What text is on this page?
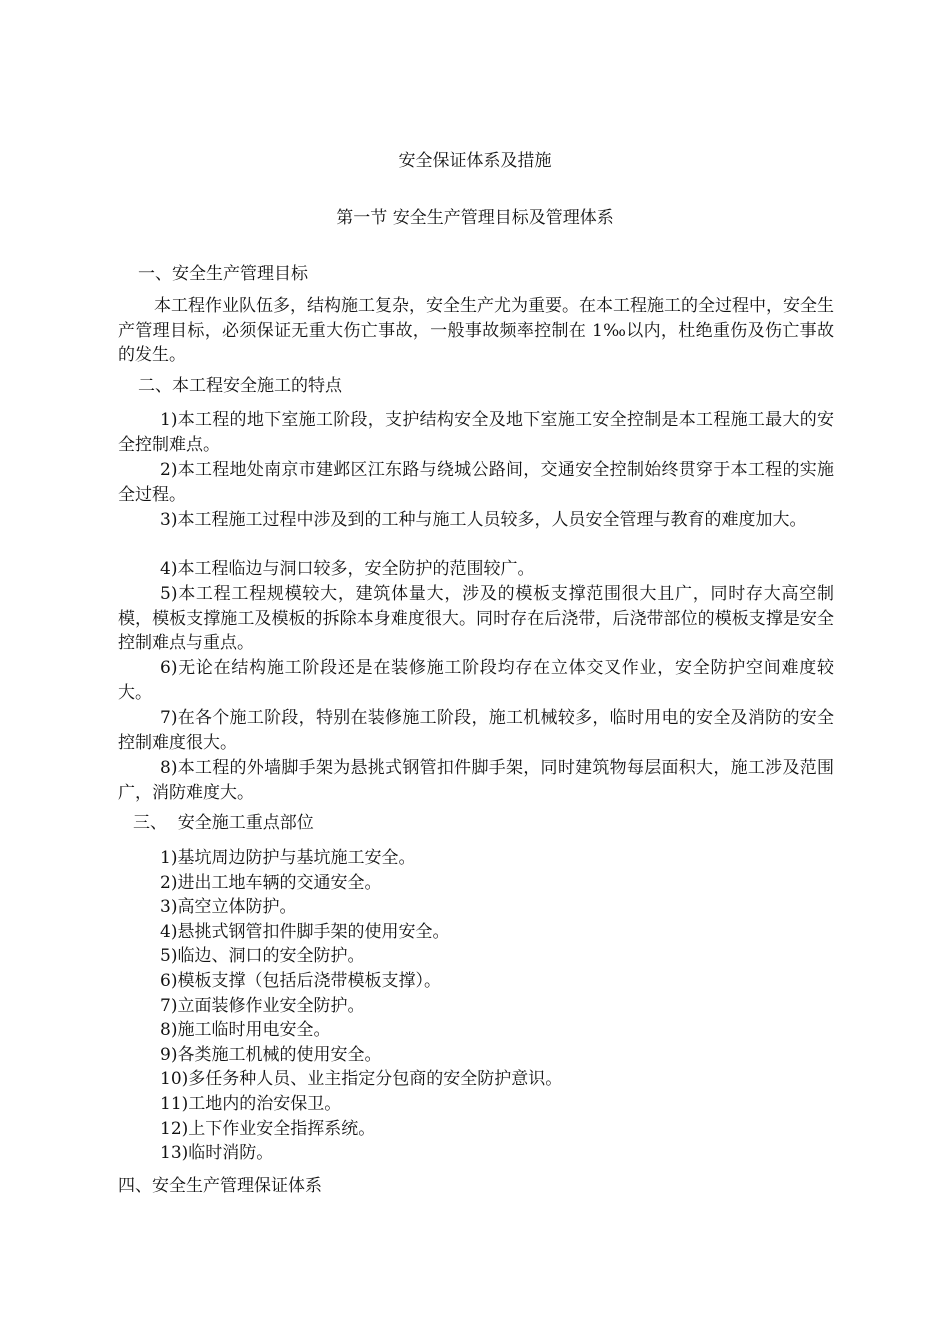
安全保证体系及措施
第一节 安全生产管理目标及管理体系
一、安全生产管理目标
本工程作业队伍多，结构施工复杂，安全生产尤为重要。在本工程施工的全过程中，安全生产管理目标，必须保证无重大伤亡事故，一般事故频率控制在 1‰以内，杜绝重伤及伤亡事故的发生。
二、本工程安全施工的特点
1)本工程的地下室施工阶段，支护结构安全及地下室施工安全控制是本工程施工最大的安全控制难点。
2)本工程地处南京市建邺区江东路与绕城公路间，交通安全控制始终贯穿于本工程的实施全过程。
3)本工程施工过程中涉及到的工种与施工人员较多，人员安全管理与教育的难度加大。
4)本工程临边与洞口较多，安全防护的范围较广。
5)本工程工程规模较大，建筑体量大，涉及的模板支撑范围很大且广，同时存大高空制模，模板支撑施工及模板的拆除本身难度很大。同时存在后浇带，后浇带部位的模板支撑是安全控制难点与重点。
6)无论在结构施工阶段还是在装修施工阶段均存在立体交叉作业，安全防护空间难度较大。
7)在各个施工阶段，特别在装修施工阶段，施工机械较多，临时用电的安全及消防的安全控制难度很大。
8)本工程的外墙脚手架为悬挑式钢管扣件脚手架，同时建筑物每层面积大，施工涉及范围广，消防难度大。
三、  安全施工重点部位
1)基坑周边防护与基坑施工安全。
2)进出工地车辆的交通安全。
3)高空立体防护。
4)悬挑式钢管扣件脚手架的使用安全。
5)临边、洞口的安全防护。
6)模板支撑（包括后浇带模板支撑）。
7)立面装修作业安全防护。
8)施工临时用电安全。
9)各类施工机械的使用安全。
10)多任务种人员、业主指定分包商的安全防护意识。
11)工地内的治安保卫。
12)上下作业安全指挥系统。
13)临时消防。
四、安全生产管理保证体系
